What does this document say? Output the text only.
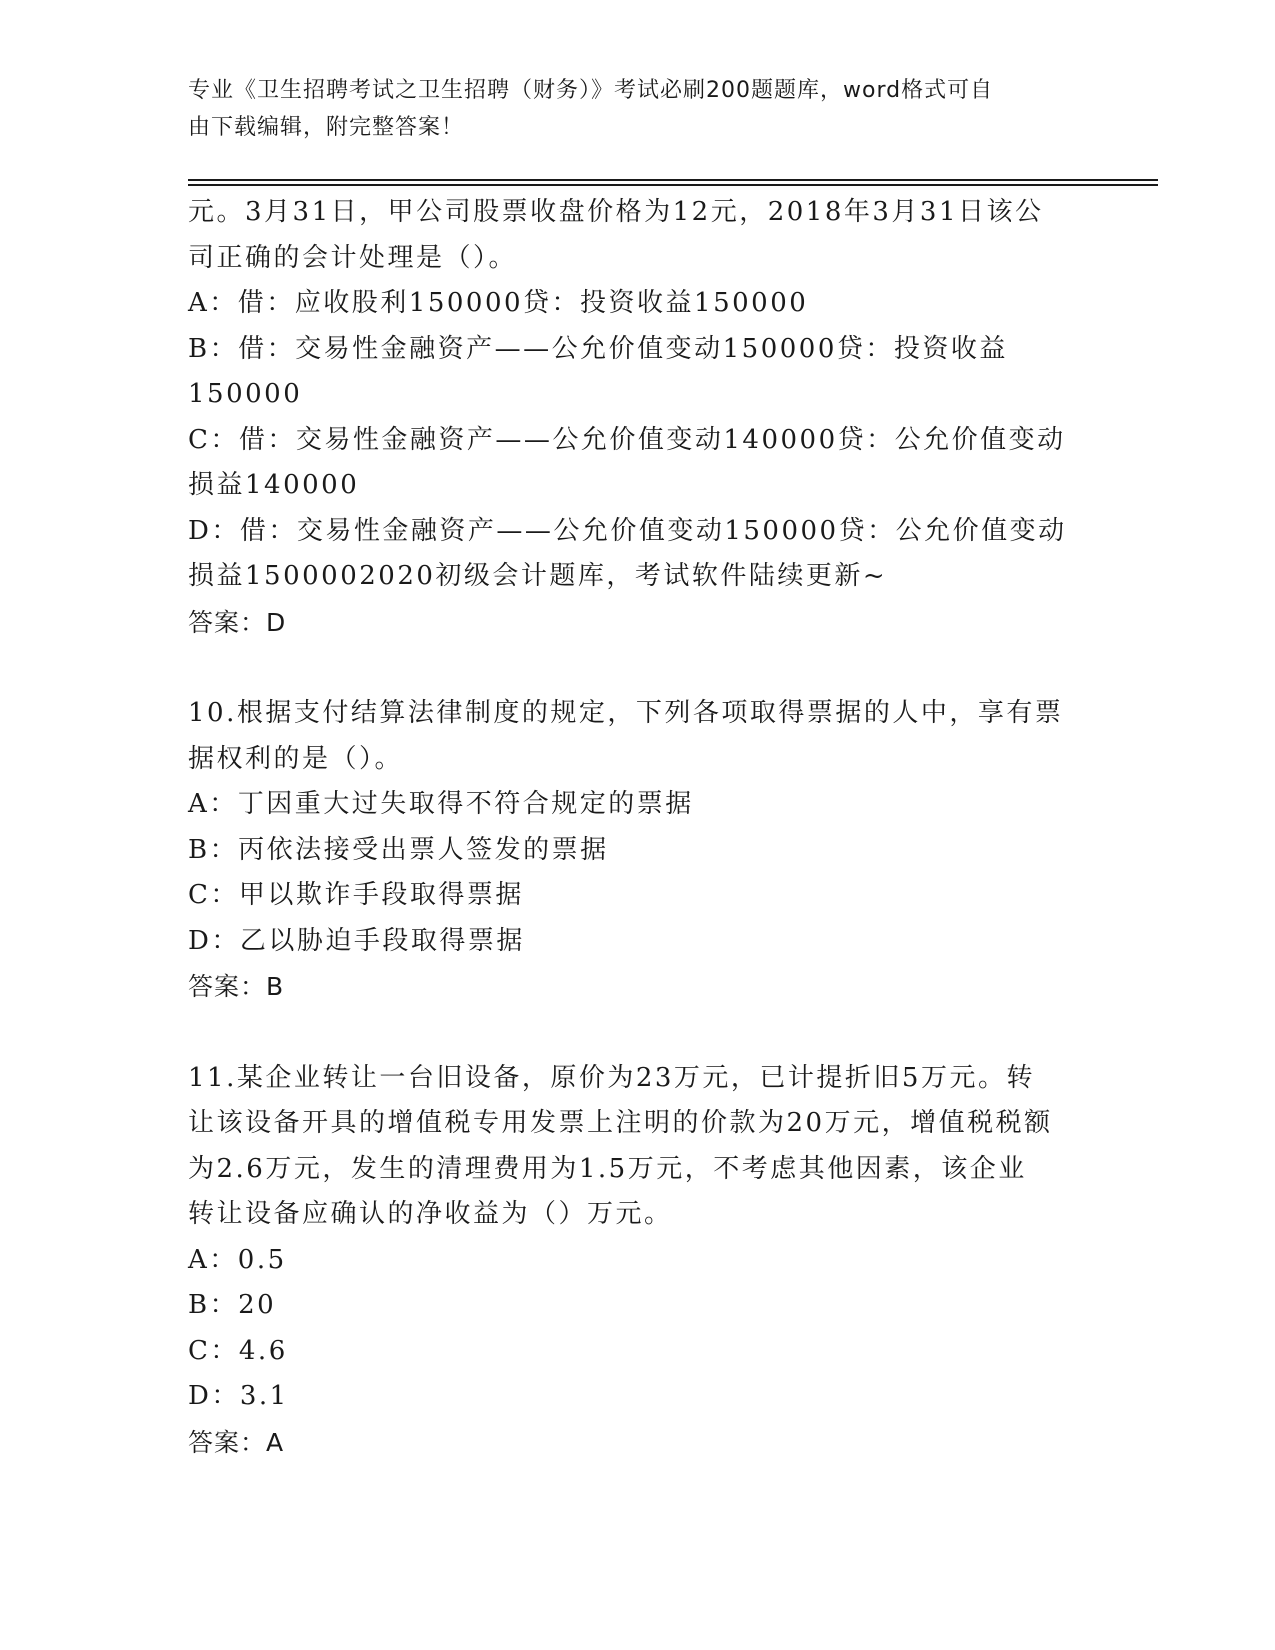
专业《卫生招聘考试之卫生招聘（财务）》考试必刷200题题库，word格式可自
由下载编辑，附完整答案！
元。3月31日，甲公司股票收盘价格为12元，2018年3月31日该公
司正确的会计处理是（）。
A：借：应收股利150000贷：投资收益150000
B：借：交易性金融资产——公允价值变动150000贷：投资收益
150000
C：借：交易性金融资产——公允价值变动140000贷：公允价值变动
损益140000
D：借：交易性金融资产——公允价值变动150000贷：公允价值变动
损益1500002020初级会计题库，考试软件陆续更新~
答案：D
10.根据支付结算法律制度的规定，下列各项取得票据的人中，享有票
据权利的是（）。
A：丁因重大过失取得不符合规定的票据
B：丙依法接受出票人签发的票据
C：甲以欺诈手段取得票据
D：乙以胁迫手段取得票据
答案：B
11.某企业转让一台旧设备，原价为23万元，已计提折旧5万元。转
让该设备开具的增值税专用发票上注明的价款为20万元，增值税税额
为2.6万元，发生的清理费用为1.5万元，不考虑其他因素，该企业
转让设备应确认的净收益为（）万元。
A：0.5
B：20
C：4.6
D：3.1
答案：A
